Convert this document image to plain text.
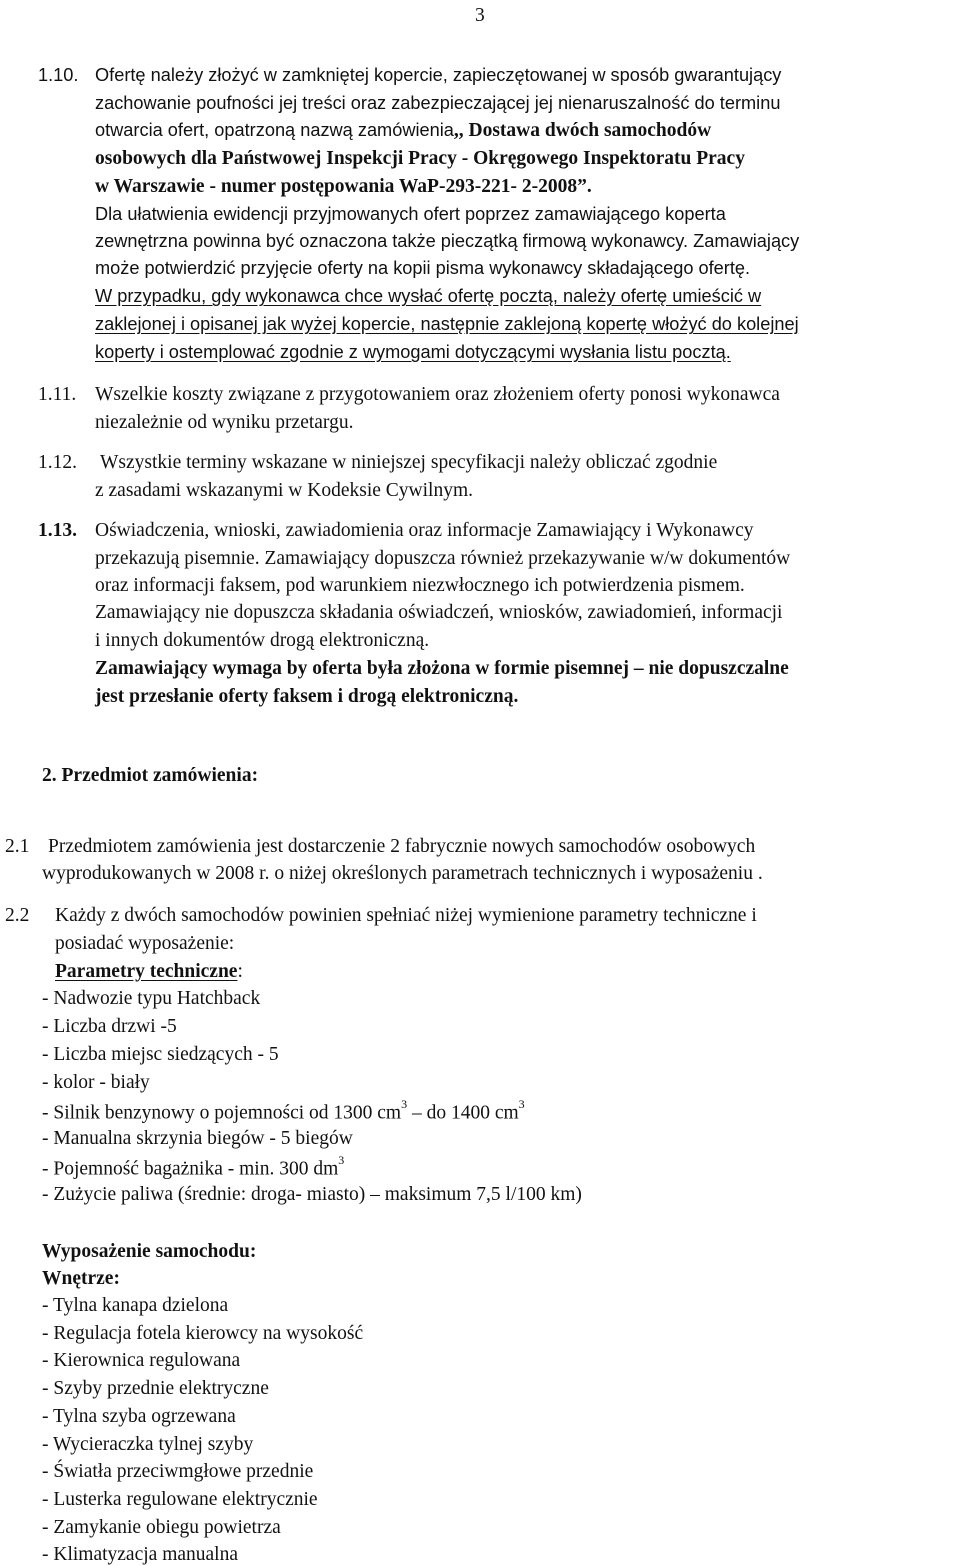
3
1.10. Ofertę należy złożyć w zamkniętej kopercie, zapieczętowanej w sposób gwarantujący
zachowanie poufności jej treści oraz zabezpieczającej jej nienaruszalność do terminu
otwarcia ofert, opatrzoną nazwą zamówienia,, Dostawa dwóch samochodów
osobowych dla Państwowej Inspekcji Pracy - Okręgowego Inspektoratu Pracy
w Warszawie - numer postępowania WaP-293-221- 2-2008”.
Dla ułatwienia ewidencji przyjmowanych ofert poprzez zamawiającego koperta
zewnętrzna powinna być oznaczona także pieczątką firmową wykonawcy. Zamawiający
może potwierdzić przyjęcie oferty na kopii pisma wykonawcy składającego ofertę.
W przypadku, gdy wykonawca chce wysłać ofertę pocztą, należy ofertę umieścić w
zaklejonej i opisanej jak wyżej kopercie, następnie zaklejoną kopertę włożyć do kolejnej
koperty i ostemplować zgodnie z wymogami dotyczącymi wysłania listu pocztą.
1.11. Wszelkie koszty związane z przygotowaniem oraz złożeniem oferty ponosi wykonawca
niezależnie od wyniku przetargu.
1.12. Wszystkie terminy wskazane w niniejszej specyfikacji należy obliczać zgodnie
z zasadami wskazanymi w Kodeksie Cywilnym.
1.13. Oświadczenia, wnioski, zawiadomienia oraz informacje Zamawiający i Wykonawcy
przekazują pisemnie. Zamawiający dopuszcza również przekazywanie w/w dokumentów
oraz informacji faksem, pod warunkiem niezwłocznego ich potwierdzenia pismem.
Zamawiający nie dopuszcza składania oświadczeń, wniosków, zawiadomień, informacji
i innych dokumentów drogą elektroniczną.
Zamawiający wymaga by oferta była złożona w formie pisemnej – nie dopuszczalne
jest przesłanie oferty faksem i drogą elektroniczną.
2. Przedmiot zamówienia:
2.1 Przedmiotem zamówienia jest dostarczenie 2 fabrycznie nowych samochodów osobowych
wyprodukowanych w 2008 r. o niżej określonych parametrach technicznych i wyposażeniu .
2.2 Każdy z dwóch samochodów powinien spełniać niżej wymienione parametry techniczne i
posiadać wyposażenie:
Parametry techniczne:
- Nadwozie typu Hatchback
- Liczba drzwi -5
- Liczba miejsc siedzących - 5
- kolor - biały
- Silnik benzynowy o pojemności od 1300 $cm^3$ – do 1400 $cm^3$
- Manualna skrzynia biegów - 5 biegów
- Pojemność bagażnika - min. 300 $dm^3$
- Zużycie paliwa (średnie: droga- miasto) – maksimum 7,5 l/100 km)
Wyposażenie samochodu:
Wnętrze:
- Tylna kanapa dzielona
- Regulacja fotela kierowcy na wysokość
- Kierownica regulowana
- Szyby przednie elektryczne
- Tylna szyba ogrzewana
- Wycieraczka tylnej szyby
- Światła przeciwmgłowe przednie
- Lusterka regulowane elektrycznie
- Zamykanie obiegu powietrza
- Klimatyzacja manualna
